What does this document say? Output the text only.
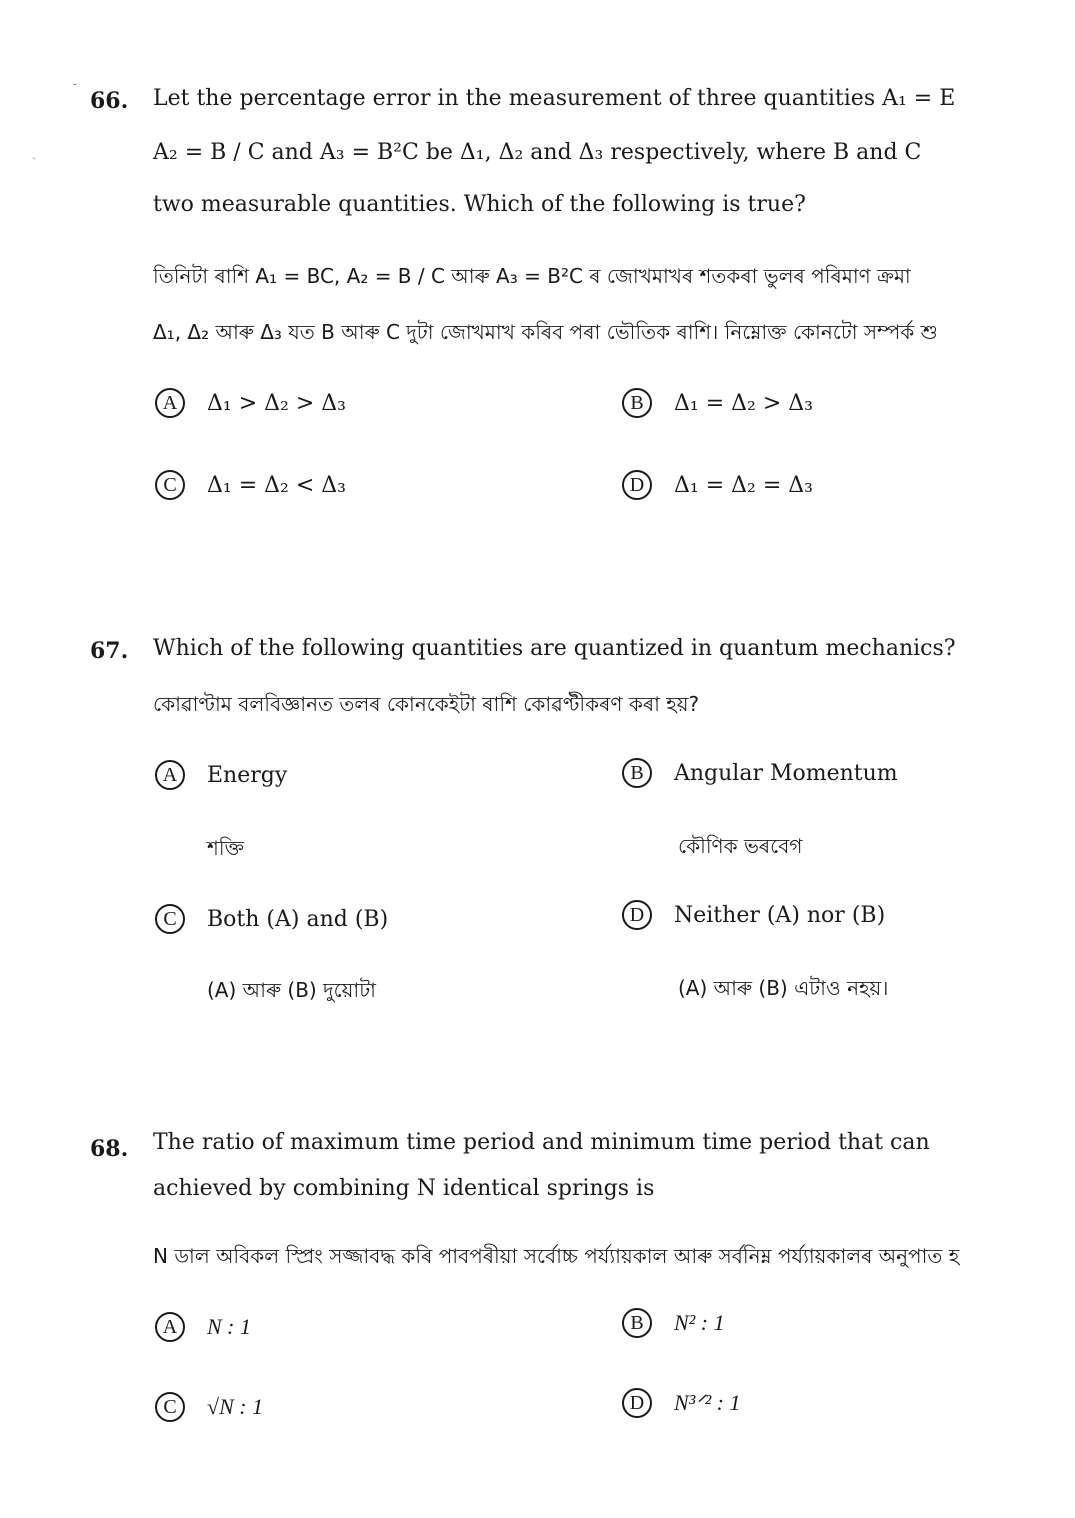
˘
ˎ
66. Let the percentage error in the measurement of three quantities A₁ = E
A₂ = B / C and A₃ = B²C be Δ₁, Δ₂ and Δ₃ respectively, where B and C
two measurable quantities. Which of the following is true?
তিনিটা ৰাশি A₁ = BC, A₂ = B / C আৰু A₃ = B²C ৰ জোখমাখৰ শতকৰা ভুলৰ পৰিমাণ ক্ৰমা
Δ₁, Δ₂ আৰু Δ₃ যত B আৰু C দুটা জোখমাখ কৰিব পৰা ভৌতিক ৰাশি। নিম্নোক্ত কোনটো সম্পৰ্ক শু
A	Δ₁ > Δ₂ > Δ₃	B	Δ₁ = Δ₂ > Δ₃
C	Δ₁ = Δ₂ < Δ₃	D	Δ₁ = Δ₂ = Δ₃
67. Which of the following quantities are quantized in quantum mechanics?
কোৱাণ্টাম বলবিজ্ঞানত তলৰ কোনকেইটা ৰাশি কোৱণ্টীকৰণ কৰা হয়?
A	Energy
শক্তি
B	Angular Momentum
কৌণিক ভৰবেগ
C	Both (A) and (B)
(A) আৰু (B) দুয়োটা
D	Neither (A) nor (B)
(A) আৰু (B) এটাও নহয়।
68. The ratio of maximum time period and minimum time period that can
achieved by combining N identical springs is
N ডাল অবিকল স্প্ৰিং সজ্জাবদ্ধ কৰি পাবপৰীয়া সৰ্বোচ্চ পৰ্য্যায়কাল আৰু সৰ্বনিম্ন পৰ্য্যায়কালৰ অনুপাত হ
A	N : 1	B	N² : 1
C	√N : 1	D	N³ᐟ² : 1
